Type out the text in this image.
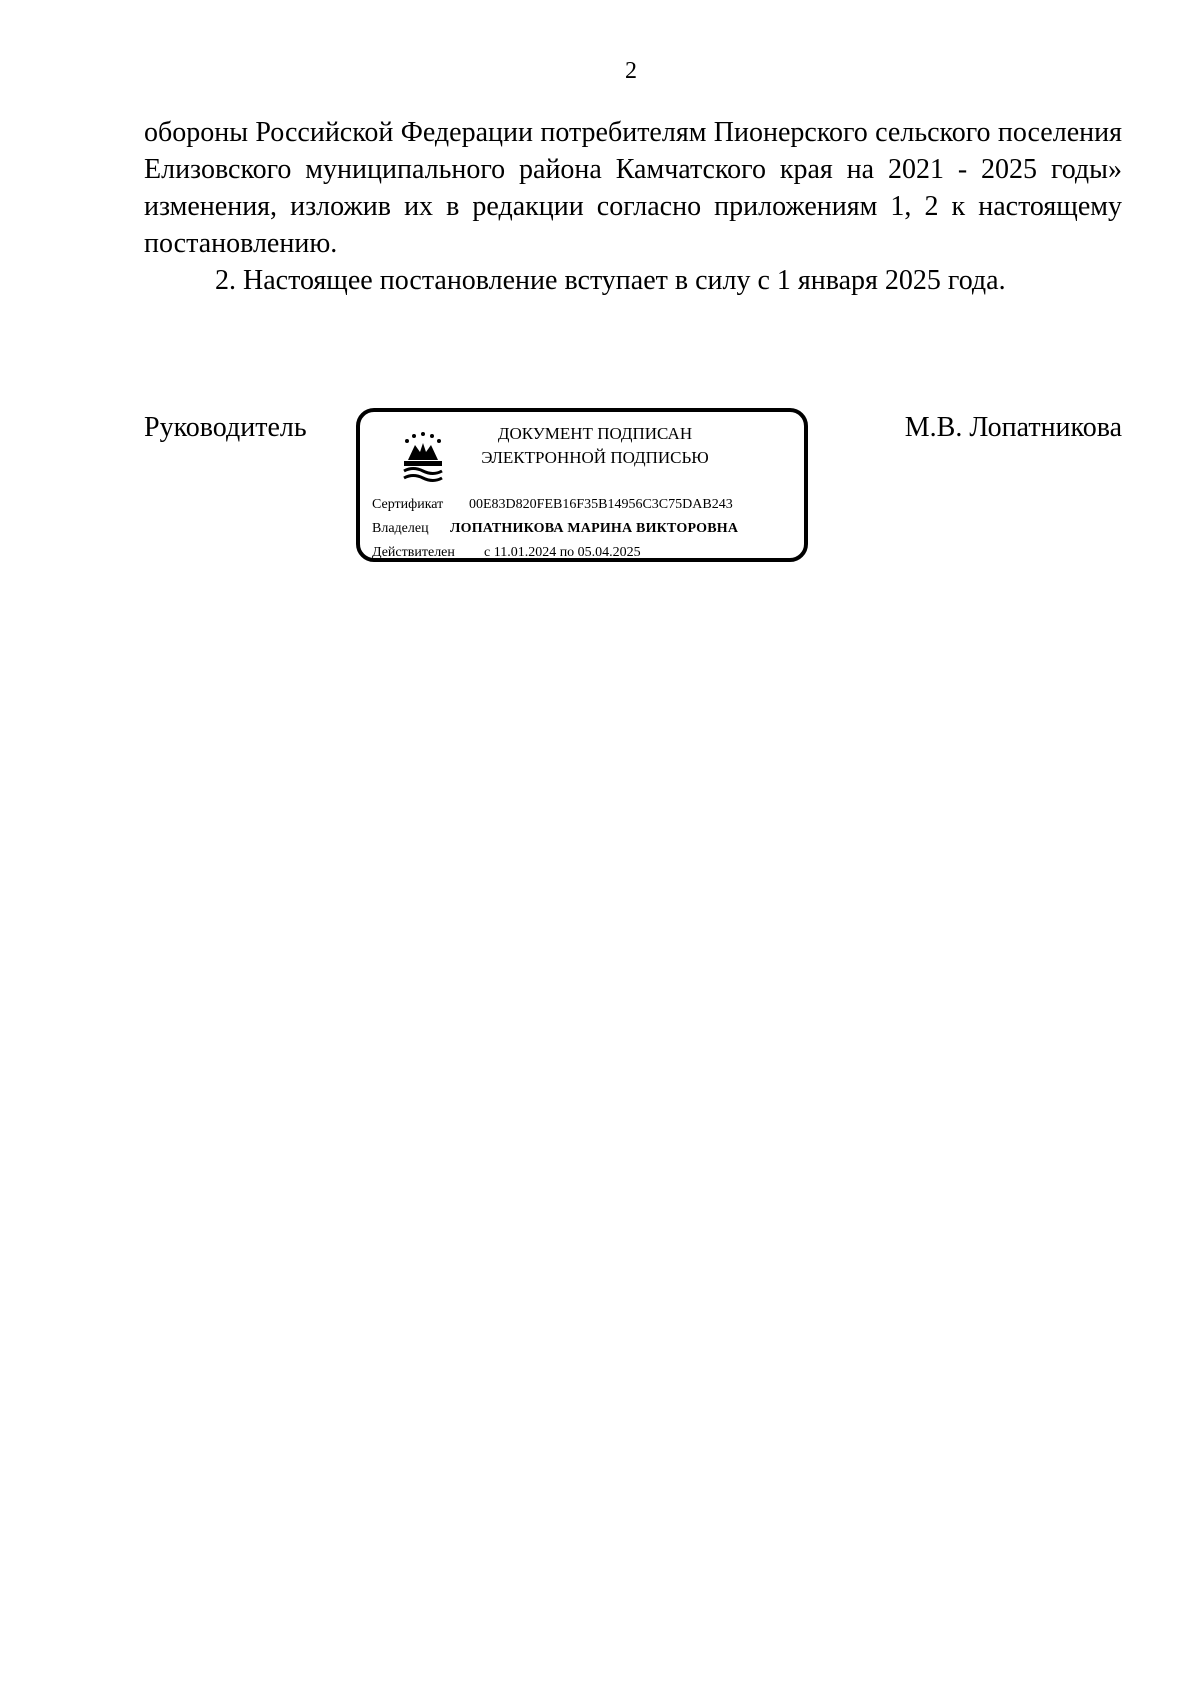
2

обороны Российской Федерации потребителям Пионерского сельского поселения Елизовского муниципального района Камчатского края на 2021 - 2025 годы» изменения, изложив их в редакции согласно приложениям 1, 2 к настоящему постановлению.

2. Настоящее постановление вступает в силу с 1 января 2025 года.

Руководитель	ДОКУМЕНТ ПОДПИСАН
ЭЛЕКТРОННОЙ ПОДПИСЬЮ
Сертификат 00E83D820FEB16F35B14956C3C75DAB243
Владелец ЛОПАТНИКОВА МАРИНА ВИКТОРОВНА
Действителен с 11.01.2024 по 05.04.2025
М.В. Лопатникова
